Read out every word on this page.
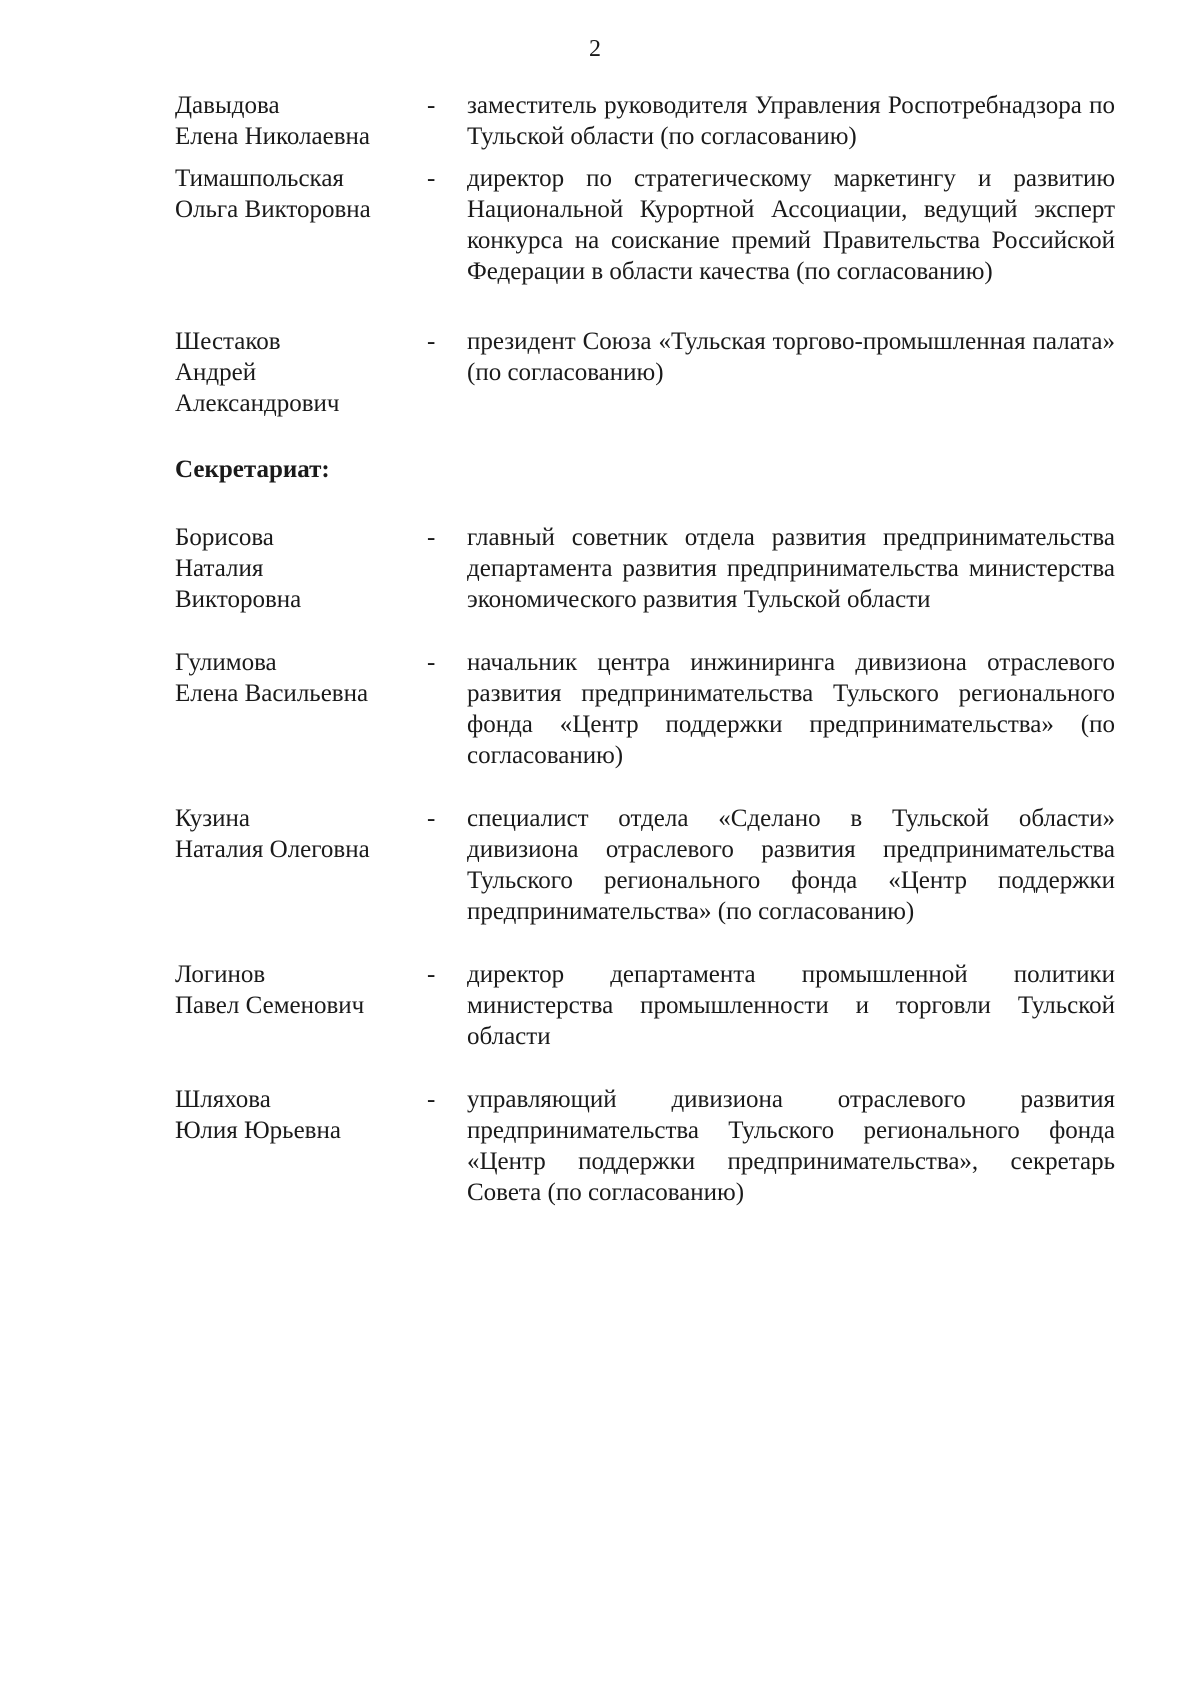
2
Давыдова
Елена Николаевна
-	заместитель руководителя Управления Роспотребнадзора по Тульской области (по согласованию)
Тимашпольская
Ольга Викторовна
-	директор по стратегическому маркетингу и развитию Национальной Курортной Ассоциации, ведущий эксперт конкурса на соискание премий Правительства Российской Федерации в области качества (по согласованию)
Шестаков
Андрей
Александрович
-	президент Союза «Тульская торгово-промышленная палата» (по согласованию)
Секретариат:
Борисова
Наталия
Викторовна
-	главный советник отдела развития предпринимательства департамента развития предпринимательства министерства экономического развития Тульской области
Гулимова
Елена Васильевна
-	начальник центра инжиниринга дивизиона отраслевого развития предпринимательства Тульского регионального фонда «Центр поддержки предпринимательства» (по согласованию)
Кузина
Наталия Олеговна
-	специалист отдела «Сделано в Тульской области» дивизиона отраслевого развития предпринимательства Тульского регионального фонда «Центр поддержки предпринимательства» (по согласованию)
Логинов
Павел Семенович
-	директор департамента промышленной политики министерства промышленности и торговли Тульской области
Шляхова
Юлия Юрьевна
-	управляющий дивизиона отраслевого развития предпринимательства Тульского регионального фонда «Центр поддержки предпринимательства», секретарь Совета (по согласованию)
